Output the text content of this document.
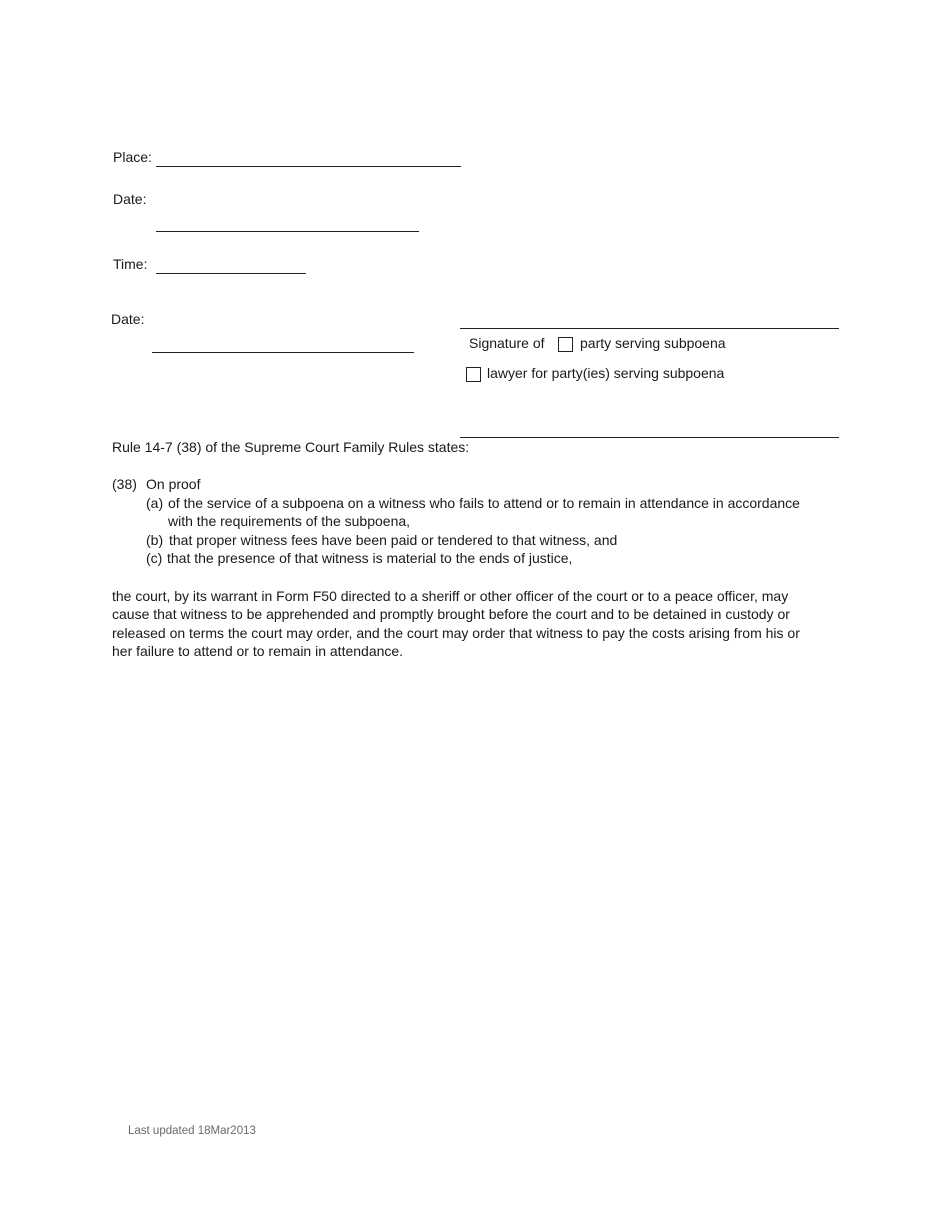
Place:
Date:
Time:
Date:
Signature of	party serving subpoena
lawyer for party(ies) serving subpoena
Rule 14-7 (38) of the Supreme Court Family Rules states:
(38) On proof
(a) of the service of a subpoena on a witness who fails to attend or to remain in attendance in accordance
with the requirements of the subpoena,
(b) that proper witness fees have been paid or tendered to that witness, and
(c) that the presence of that witness is material to the ends of justice,
the court, by its warrant in Form F50 directed to a sheriff or other officer of the court or to a peace officer, may
cause that witness to be apprehended and promptly brought before the court and to be detained in custody or
released on terms the court may order, and the court may order that witness to pay the costs arising from his or
her failure to attend or to remain in attendance.
Last updated 18Mar2013
